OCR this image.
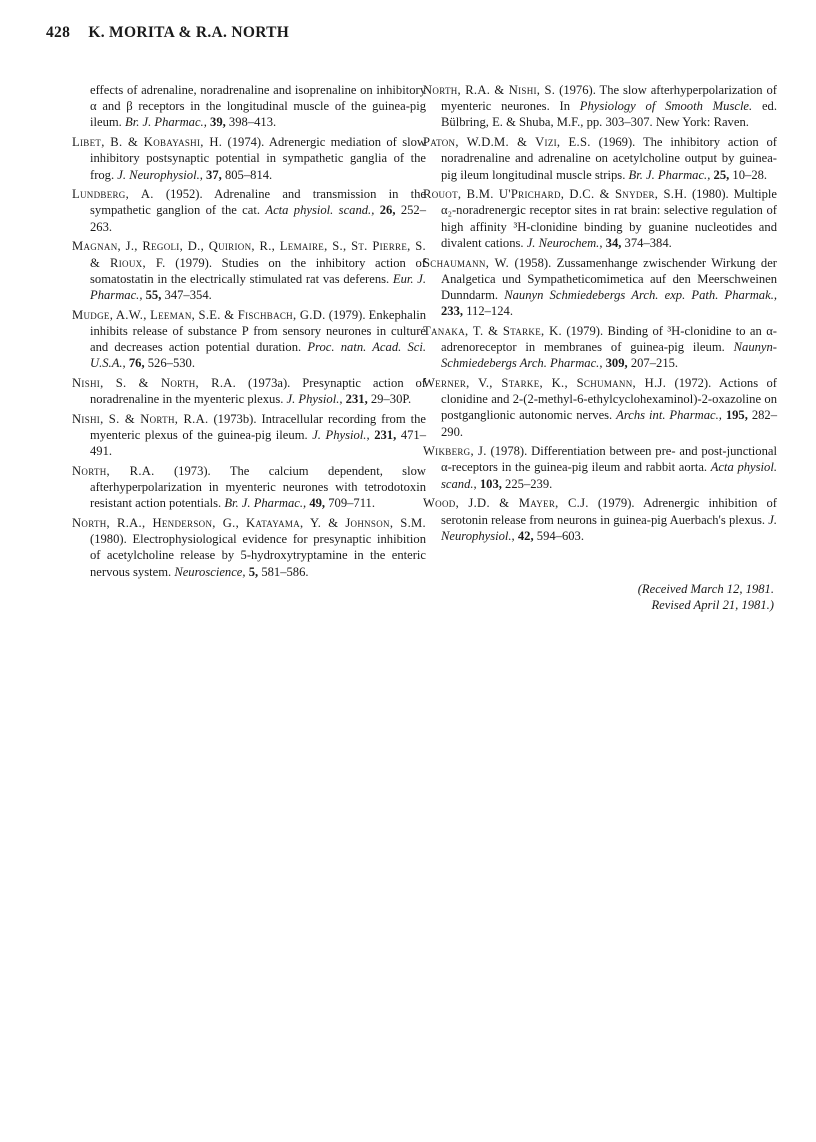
428 K. MORITA & R.A. NORTH

effects of adrenaline, noradrenaline and isoprenaline on inhibitory α and β receptors in the longitudinal muscle of the guinea-pig ileum. Br. J. Pharmac., 39, 398–413.

Libet, B. & Kobayashi, H. (1974). Adrenergic mediation of slow inhibitory postsynaptic potential in sympathetic ganglia of the frog. J. Neurophysiol., 37, 805–814.

Lundberg, A. (1952). Adrenaline and transmission in the sympathetic ganglion of the cat. Acta physiol. scand., 26, 252–263.

Magnan, J., Regoli, D., Quirion, R., Lemaire, S., St. Pierre, S. & Rioux, F. (1979). Studies on the inhibitory action of somatostatin in the electrically stimulated rat vas deferens. Eur. J. Pharmac., 55, 347–354.

Mudge, A.W., Leeman, S.E. & Fischbach, G.D. (1979). Enkephalin inhibits release of substance P from sensory neurones in culture and decreases action potential duration. Proc. natn. Acad. Sci. U.S.A., 76, 526–530.

Nishi, S. & North, R.A. (1973a). Presynaptic action of noradrenaline in the myenteric plexus. J. Physiol., 231, 29–30P.

Nishi, S. & North, R.A. (1973b). Intracellular recording from the myenteric plexus of the guinea-pig ileum. J. Physiol., 231, 471–491.

North, R.A. (1973). The calcium dependent, slow afterhyperpolarization in myenteric neurones with tetrodotoxin resistant action potentials. Br. J. Pharmac., 49, 709–711.

North, R.A., Henderson, G., Katayama, Y. & Johnson, S.M. (1980). Electrophysiological evidence for presynaptic inhibition of acetylcholine release by 5-hydroxytryptamine in the enteric nervous system. Neuroscience, 5, 581–586.

North, R.A. & Nishi, S. (1976). The slow afterhyperpolarization of myenteric neurones. In Physiology of Smooth Muscle. ed. Bülbring, E. & Shuba, M.F., pp. 303–307. New York: Raven.

Paton, W.D.M. & Vizi, E.S. (1969). The inhibitory action of noradrenaline and adrenaline on acetylcholine output by guinea-pig ileum longitudinal muscle strips. Br. J. Pharmac., 25, 10–28.

Rouot, B.M. U'Prichard, D.C. & Snyder, S.H. (1980). Multiple α₂-noradrenergic receptor sites in rat brain: selective regulation of high affinity ³H-clonidine binding by guanine nucleotides and divalent cations. J. Neurochem., 34, 374–384.

Schaumann, W. (1958). Zussamenhange zwischender Wirkung der Analgetica und Sympatheticomimetica auf den Meerschweinen Dunndarm. Naunyn Schmiedebergs Arch. exp. Path. Pharmak., 233, 112–124.

Tanaka, T. & Starke, K. (1979). Binding of ³H-clonidine to an α-adrenoreceptor in membranes of guinea-pig ileum. Naunyn-Schmiedebergs Arch. Pharmac., 309, 207–215.

Werner, V., Starke, K., Schumann, H.J. (1972). Actions of clonidine and 2-(2-methyl-6-ethylcyclohexaminol)-2-oxazoline on postganglionic autonomic nerves. Archs int. Pharmac., 195, 282–290.

Wikberg, J. (1978). Differentiation between pre- and post-junctional α-receptors in the guinea-pig ileum and rabbit aorta. Acta physiol. scand., 103, 225–239.

Wood, J.D. & Mayer, C.J. (1979). Adrenergic inhibition of serotonin release from neurons in guinea-pig Auerbach's plexus. J. Neurophysiol., 42, 594–603.

(Received March 12, 1981.
Revised April 21, 1981.)
